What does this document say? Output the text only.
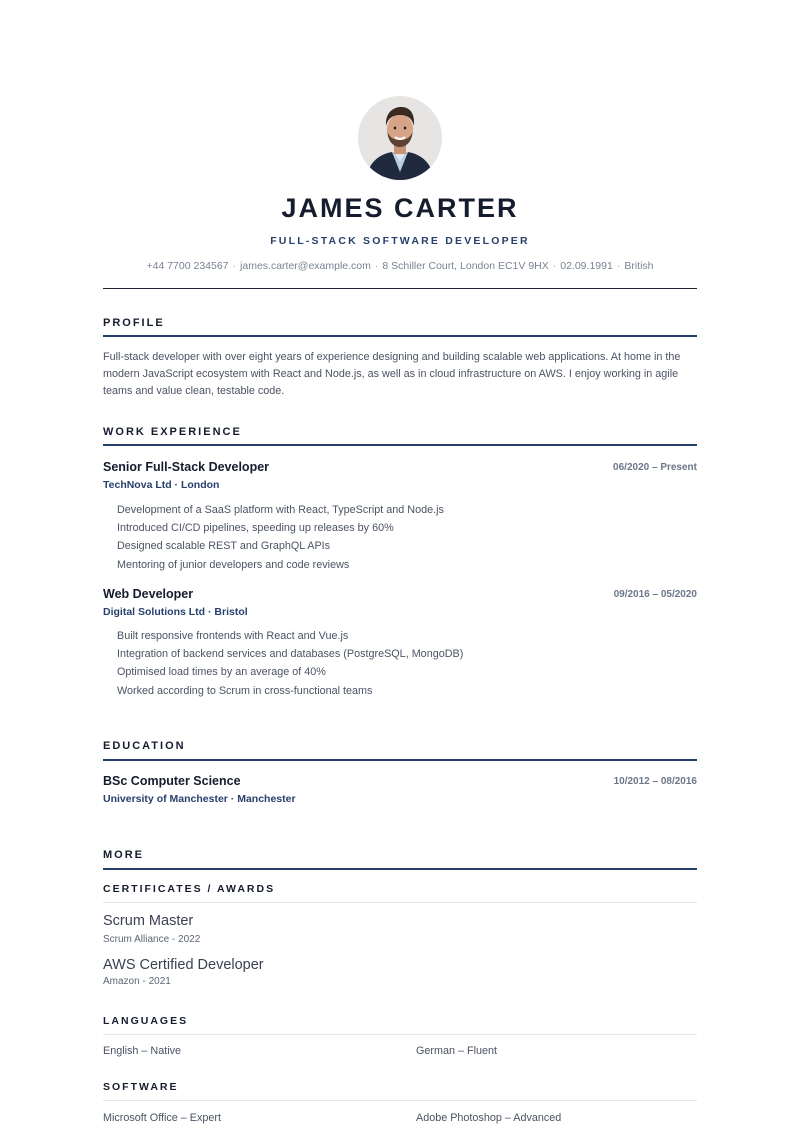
JAMES CARTER
FULL-STACK SOFTWARE DEVELOPER
+44 7700 234567 · james.carter@example.com · 8 Schiller Court, London EC1V 9HX · 02.09.1991 · British
PROFILE

Full-stack developer with over eight years of experience designing and building scalable web applications. At home in the modern JavaScript ecosystem with React and Node.js, as well as in cloud infrastructure on AWS. I enjoy working in agile teams and value clean, testable code.

WORK EXPERIENCE
Senior Full-Stack Developer	06/2020 – Present
TechNova Ltd · London
Development of a SaaS platform with React, TypeScript and Node.js
Introduced CI/CD pipelines, speeding up releases by 60%
Designed scalable REST and GraphQL APIs
Mentoring of junior developers and code reviews
Web Developer	09/2016 – 05/2020
Digital Solutions Ltd · Bristol
Built responsive frontends with React and Vue.js
Integration of backend services and databases (PostgreSQL, MongoDB)
Optimised load times by an average of 40%
Worked according to Scrum in cross-functional teams
EDUCATION
BSc Computer Science	10/2012 – 08/2016
University of Manchester · Manchester
MORE
CERTIFICATES / AWARDS
Scrum Master
Scrum Alliance - 2022
AWS Certified Developer
Amazon - 2021
LANGUAGES
English – Native	German – Fluent
SOFTWARE
Microsoft Office – Expert	Adobe Photoshop – Advanced
